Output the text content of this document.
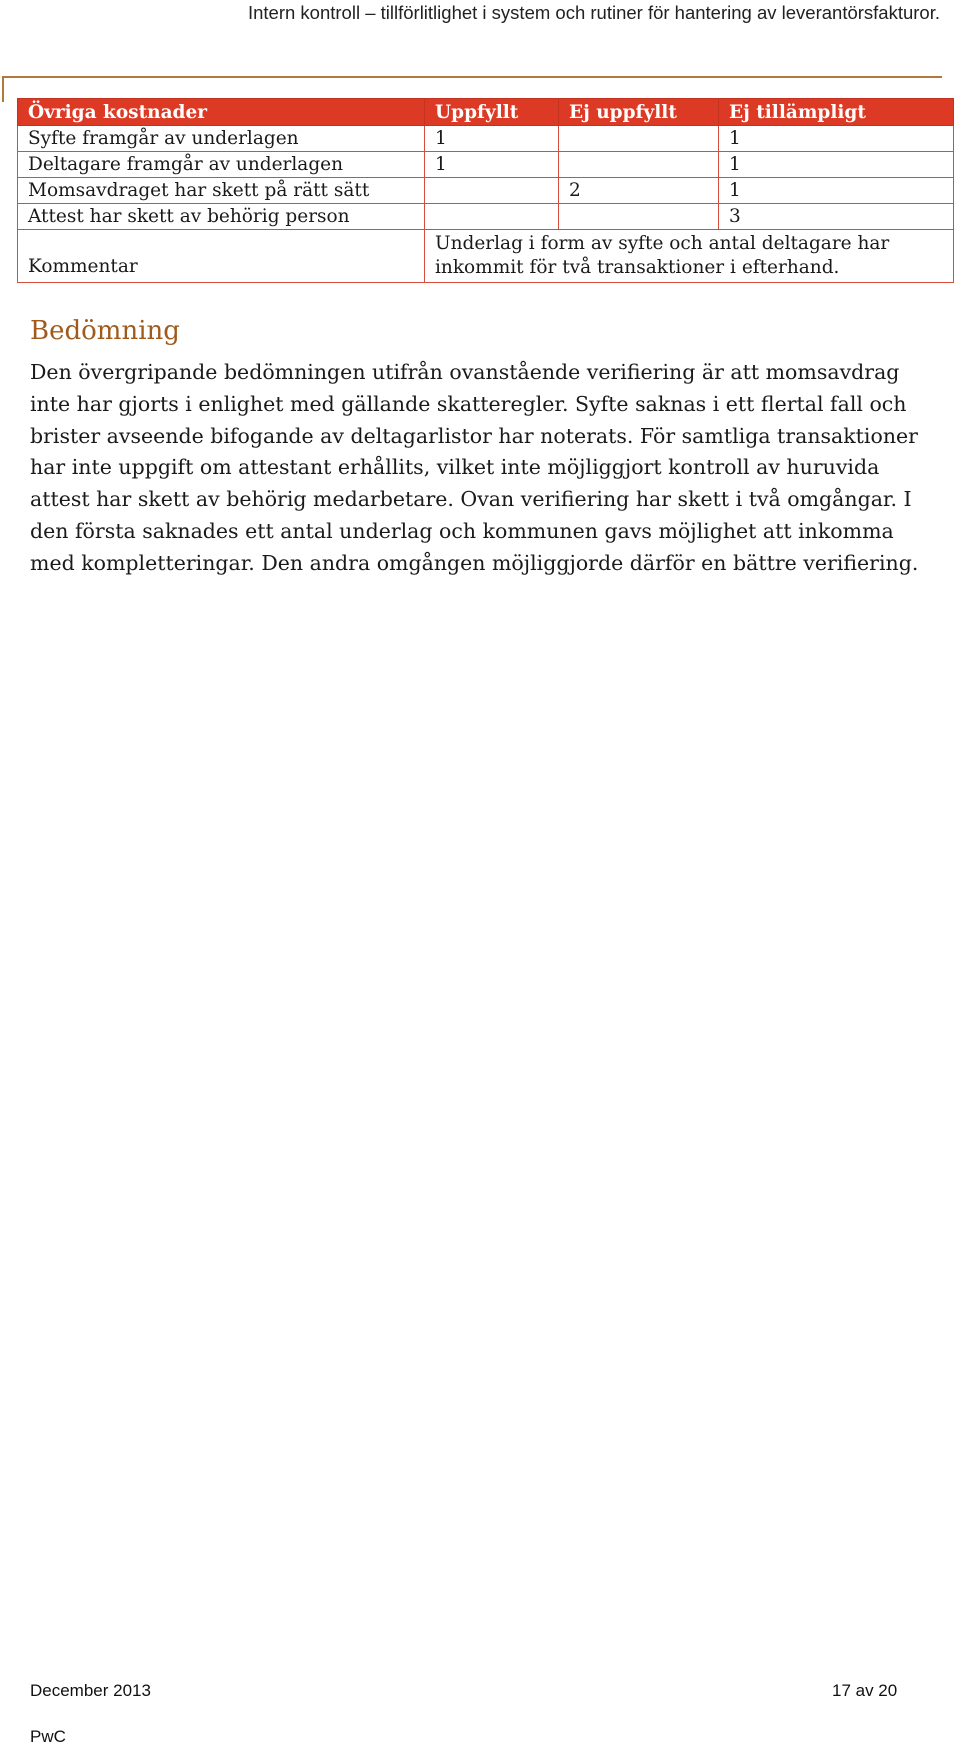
Intern kontroll – tillförlitlighet i system och rutiner för hantering av leverantörsfakturor.
Övriga kostnader	Uppfyllt	Ej uppfyllt	Ej tillämpligt
Syfte framgår av underlagen	1		1
Deltagare framgår av underlagen	1		1
Momsavdraget har skett på rätt sätt		2	1
Attest har skett av behörig person			3
Kommentar	Underlag i form av syfte och antal deltagare har inkommit för två transaktioner i efterhand.		
Bedömning
Den övergripande bedömningen utifrån ovanstående verifiering är att momsavdrag inte har gjorts i enlighet med gällande skatteregler. Syfte saknas i ett flertal fall och brister avseende bifogande av deltagarlistor har noterats. För samtliga transaktioner har inte uppgift om attestant erhållits, vilket inte möjliggjort kontroll av huruvida attest har skett av behörig medarbetare. Ovan verifiering har skett i två omgångar. I den första saknades ett antal underlag och kommunen gavs möjlighet att inkomma med kompletteringar. Den andra omgången möjliggjorde därför en bättre verifiering.
December 2013	17 av 20
PwC
